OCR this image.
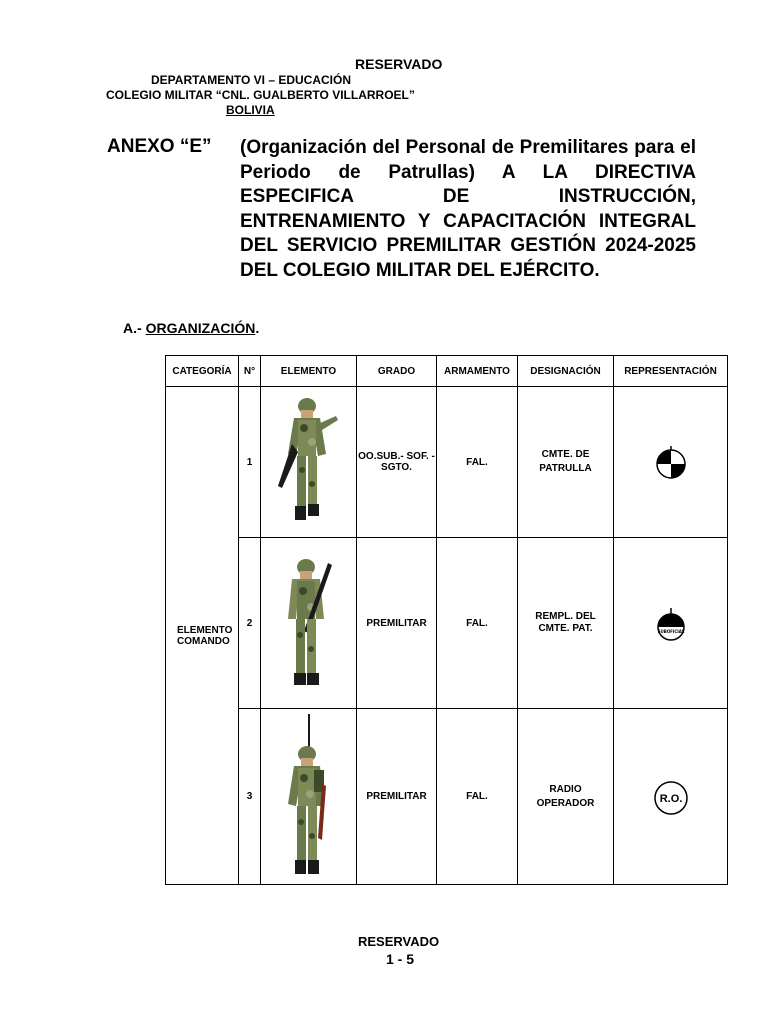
RESERVADO
DEPARTAMENTO VI – EDUCACIÓN
COLEGIO MILITAR “CNL. GUALBERTO VILLARROEL”
BOLIVIA
ANEXO “E” (Organización del Personal de Premilitares para el Periodo de Patrullas) A LA DIRECTIVA ESPECIFICA DE INSTRUCCIÓN, ENTRENAMIENTO Y CAPACITACIÓN INTEGRAL DEL SERVICIO PREMILITAR GESTIÓN 2024-2025 DEL COLEGIO MILITAR DEL EJÉRCITO.
A.- ORGANIZACIÓN.
CATEGORÍA	N°	ELEMENTO	GRADO	ARMAMENTO	DESIGNACIÓN	REPRESENTACIÓN

ELEMENTO COMANDO	1		OO.SUB.- SOF. - SGTO.	FAL.	CMTE. DE PATRULLA

	2		PREMILITAR	FAL.	REMPL. DEL CMTE. PAT.	SUBOFICIAL

	3		PREMILITAR	FAL.	RADIO OPERADOR	R.O.
RESERVADO
1 - 5
